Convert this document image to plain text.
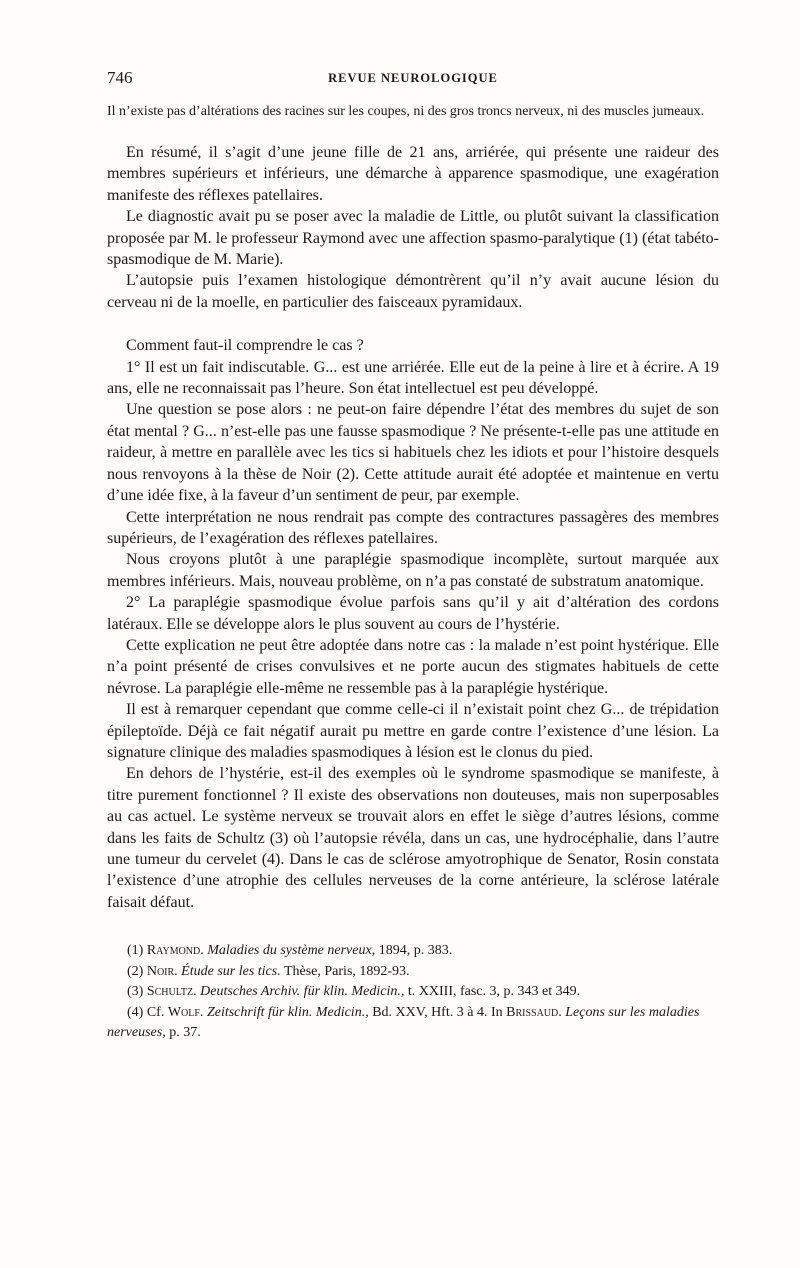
746	REVUE NEUROLOGIQUE

Il n’existe pas d’altérations des racines sur les coupes, ni des gros troncs nerveux, ni des muscles jumeaux.

En résumé, il s’agit d’une jeune fille de 21 ans, arriérée, qui présente une raideur des membres supérieurs et inférieurs, une démarche à apparence spasmodique, une exagération manifeste des réflexes patellaires.

Le diagnostic avait pu se poser avec la maladie de Little, ou plutôt suivant la classification proposée par M. le professeur Raymond avec une affection spasmo-paralytique (1) (état tabéto-spasmodique de M. Marie).

L’autopsie puis l’examen histologique démontrèrent qu’il n’y avait aucune lésion du cerveau ni de la moelle, en particulier des faisceaux pyramidaux.

Comment faut-il comprendre le cas ?

1° Il est un fait indiscutable. G... est une arriérée. Elle eut de la peine à lire et à écrire. A 19 ans, elle ne reconnaissait pas l’heure. Son état intellectuel est peu développé.

Une question se pose alors : ne peut-on faire dépendre l’état des membres du sujet de son état mental ? G... n’est-elle pas une fausse spasmodique ? Ne présente-t-elle pas une attitude en raideur, à mettre en parallèle avec les tics si habituels chez les idiots et pour l’histoire desquels nous renvoyons à la thèse de Noir (2). Cette attitude aurait été adoptée et maintenue en vertu d’une idée fixe, à la faveur d’un sentiment de peur, par exemple.

Cette interprétation ne nous rendrait pas compte des contractures passagères des membres supérieurs, de l’exagération des réflexes patellaires.

Nous croyons plutôt à une paraplégie spasmodique incomplète, surtout marquée aux membres inférieurs. Mais, nouveau problème, on n’a pas constaté de substratum anatomique.

2° La paraplégie spasmodique évolue parfois sans qu’il y ait d’altération des cordons latéraux. Elle se développe alors le plus souvent au cours de l’hystérie.

Cette explication ne peut être adoptée dans notre cas : la malade n’est point hystérique. Elle n’a point présenté de crises convulsives et ne porte aucun des stigmates habituels de cette névrose. La paraplégie elle-même ne ressemble pas à la paraplégie hystérique.

Il est à remarquer cependant que comme celle-ci il n’existait point chez G... de trépidation épileptoïde. Déjà ce fait négatif aurait pu mettre en garde contre l’existence d’une lésion. La signature clinique des maladies spasmodiques à lésion est le clonus du pied.

En dehors de l’hystérie, est-il des exemples où le syndrome spasmodique se manifeste, à titre purement fonctionnel ? Il existe des observations non douteuses, mais non superposables au cas actuel. Le système nerveux se trouvait alors en effet le siège d’autres lésions, comme dans les faits de Schultz (3) où l’autopsie révéla, dans un cas, une hydrocéphalie, dans l’autre une tumeur du cervelet (4). Dans le cas de sclérose amyotrophique de Senator, Rosin constata l’existence d’une atrophie des cellules nerveuses de la corne antérieure, la sclérose latérale faisait défaut.

(1) Raymond. Maladies du système nerveux, 1894, p. 383.

(2) Noir. Étude sur les tics. Thèse, Paris, 1892-93.

(3) Schultz. Deutsches Archiv. für klin. Medicin., t. XXIII, fasc. 3, p. 343 et 349.

(4) Cf. Wolf. Zeitschrift für klin. Medicin., Bd. XXV, Hft. 3 à 4. In Brissaud. Leçons sur les maladies nerveuses, p. 37.
